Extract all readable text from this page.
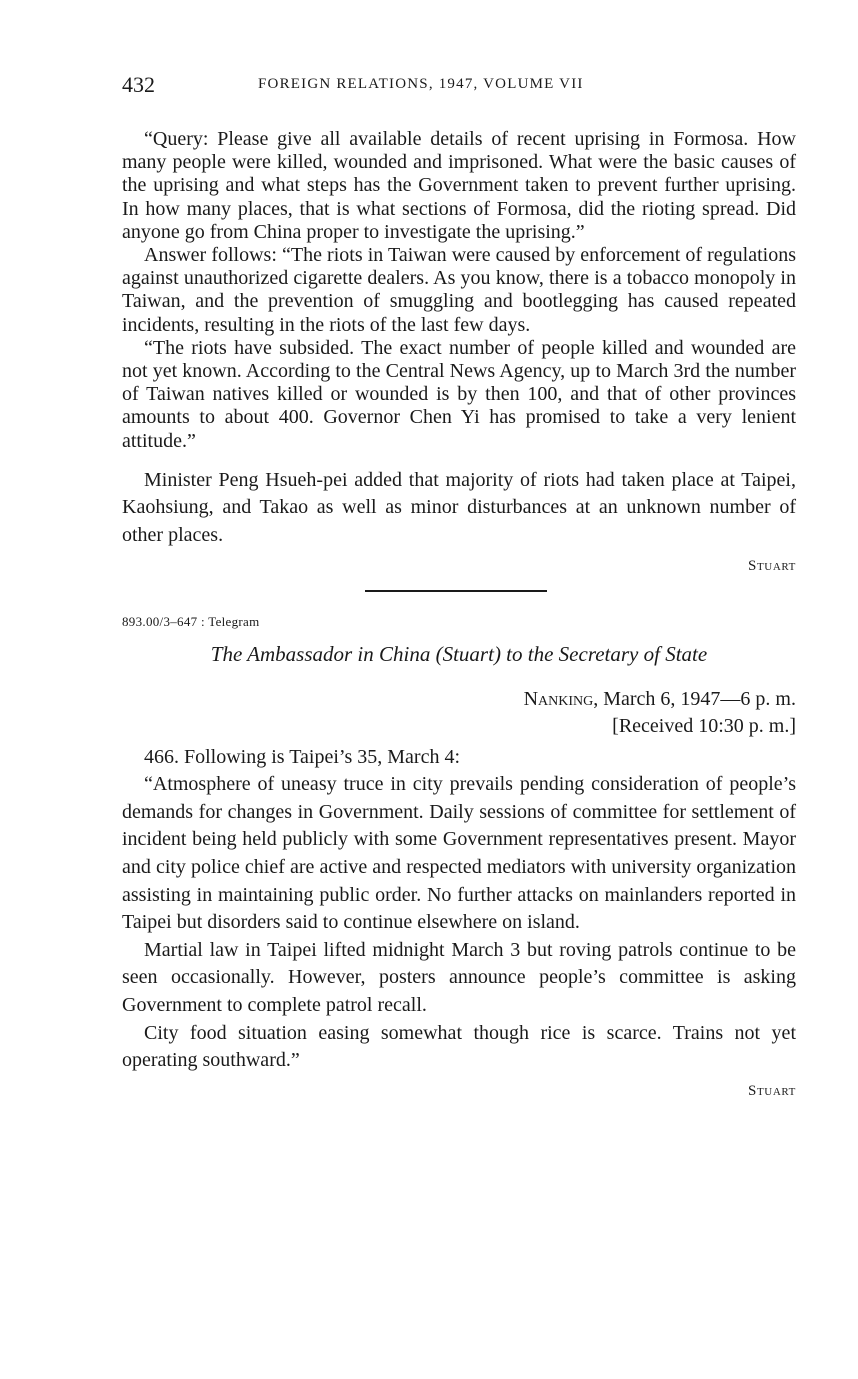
432	FOREIGN RELATIONS, 1947, VOLUME VII

“Query: Please give all available details of recent uprising in Formosa. How many people were killed, wounded and imprisoned. What were the basic causes of the uprising and what steps has the Government taken to prevent further uprising. In how many places, that is what sections of Formosa, did the rioting spread. Did anyone go from China proper to investigate the uprising.”

Answer follows: “The riots in Taiwan were caused by enforcement of regulations against unauthorized cigarette dealers. As you know, there is a tobacco monopoly in Taiwan, and the prevention of smuggling and bootlegging has caused repeated incidents, resulting in the riots of the last few days.

“The riots have subsided. The exact number of people killed and wounded are not yet known. According to the Central News Agency, up to March 3rd the number of Taiwan natives killed or wounded is by then 100, and that of other provinces amounts to about 400. Governor Chen Yi has promised to take a very lenient attitude.”

Minister Peng Hsueh-pei added that majority of riots had taken place at Taipei, Kaohsiung, and Takao as well as minor disturbances at an unknown number of other places.

Stuart
893.00/3–647 : Telegram
The Ambassador in China (Stuart) to the Secretary of State
Nanking, March 6, 1947—6 p. m.
[Received 10:30 p. m.]

466. Following is Taipei’s 35, March 4:

“Atmosphere of uneasy truce in city prevails pending consideration of people’s demands for changes in Government. Daily sessions of committee for settlement of incident being held publicly with some Government representatives present. Mayor and city police chief are active and respected mediators with university organization assisting in maintaining public order. No further attacks on mainlanders reported in Taipei but disorders said to continue elsewhere on island.

Martial law in Taipei lifted midnight March 3 but roving patrols continue to be seen occasionally. However, posters announce people’s committee is asking Government to complete patrol recall.

City food situation easing somewhat though rice is scarce. Trains not yet operating southward.”

Stuart
